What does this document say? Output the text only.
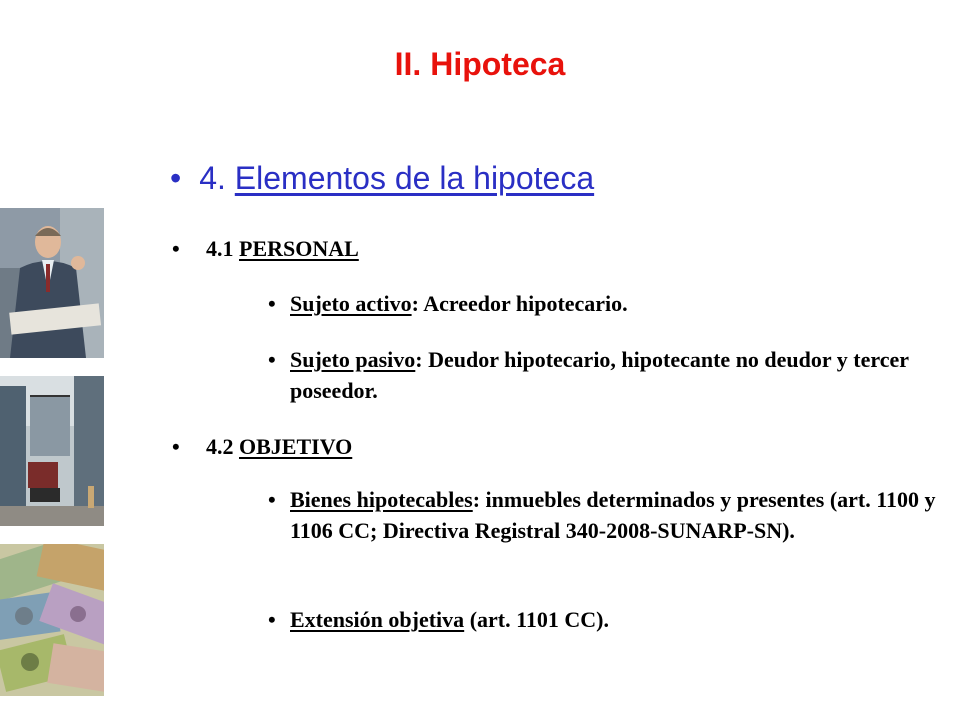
II. Hipoteca
• 4. Elementos de la hipoteca
• 4.1 PERSONAL
• Sujeto activo: Acreedor hipotecario.
• Sujeto pasivo: Deudor hipotecario, hipotecante no deudor y tercer poseedor.
• 4.2 OBJETIVO
• Bienes hipotecables: inmuebles determinados y presentes (art. 1100 y 1106 CC; Directiva Registral 340-2008-SUNARP-SN).
• Extensión objetiva (art. 1101 CC).
